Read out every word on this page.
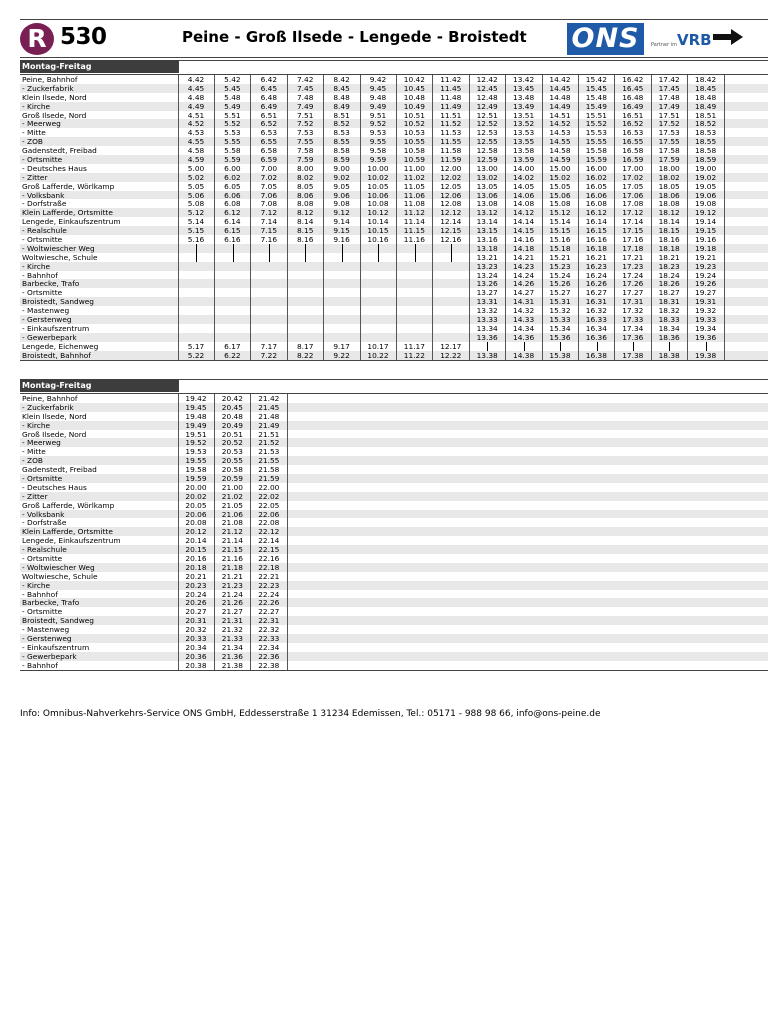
R 530	Peine - Groß Ilsede - Lengede - Broistedt ONS	Partner im VRB
Montag-Freitag
Peine, Bahnhof	4.42	5.42	6.42	7.42	8.42	9.42	10.42	11.42	12.42	13.42	14.42	15.42	16.42	17.42	18.42
- Zuckerfabrik	4.45	5.45	6.45	7.45	8.45	9.45	10.45	11.45	12.45	13.45	14.45	15.45	16.45	17.45	18.45
Klein Ilsede, Nord	4.48	5.48	6.48	7.48	8.48	9.48	10.48	11.48	12.48	13.48	14.48	15.48	16.48	17.48	18.48
- Kirche	4.49	5.49	6.49	7.49	8.49	9.49	10.49	11.49	12.49	13.49	14.49	15.49	16.49	17.49	18.49
Groß Ilsede, Nord	4.51	5.51	6.51	7.51	8.51	9.51	10.51	11.51	12.51	13.51	14.51	15.51	16.51	17.51	18.51
- Meerweg	4.52	5.52	6.52	7.52	8.52	9.52	10.52	11.52	12.52	13.52	14.52	15.52	16.52	17.52	18.52
- Mitte	4.53	5.53	6.53	7.53	8.53	9.53	10.53	11.53	12.53	13.53	14.53	15.53	16.53	17.53	18.53
- ZOB	4.55	5.55	6.55	7.55	8.55	9.55	10.55	11.55	12.55	13.55	14.55	15.55	16.55	17.55	18.55
Gadenstedt, Freibad	4.58	5.58	6.58	7.58	8.58	9.58	10.58	11.58	12.58	13.58	14.58	15.58	16.58	17.58	18.58
- Ortsmitte	4.59	5.59	6.59	7.59	8.59	9.59	10.59	11.59	12.59	13.59	14.59	15.59	16.59	17.59	18.59
- Deutsches Haus	5.00	6.00	7.00	8.00	9.00	10.00	11.00	12.00	13.00	14.00	15.00	16.00	17.00	18.00	19.00
- Zitter	5.02	6.02	7.02	8.02	9.02	10.02	11.02	12.02	13.02	14.02	15.02	16.02	17.02	18.02	19.02
Groß Lafferde, Wörlkamp	5.05	6.05	7.05	8.05	9.05	10.05	11.05	12.05	13.05	14.05	15.05	16.05	17.05	18.05	19.05
- Volksbank	5.06	6.06	7.06	8.06	9.06	10.06	11.06	12.06	13.06	14.06	15.06	16.06	17.06	18.06	19.06
- Dorfstraße	5.08	6.08	7.08	8.08	9.08	10.08	11.08	12.08	13.08	14.08	15.08	16.08	17.08	18.08	19.08
Klein Lafferde, Ortsmitte	5.12	6.12	7.12	8.12	9.12	10.12	11.12	12.12	13.12	14.12	15.12	16.12	17.12	18.12	19.12
Lengede, Einkaufszentrum	5.14	6.14	7.14	8.14	9.14	10.14	11.14	12.14	13.14	14.14	15.14	16.14	17.14	18.14	19.14
- Realschule	5.15	6.15	7.15	8.15	9.15	10.15	11.15	12.15	13.15	14.15	15.15	16.15	17.15	18.15	19.15
- Ortsmitte	5.16	6.16	7.16	8.16	9.16	10.16	11.16	12.16	13.16	14.16	15.16	16.16	17.16	18.16	19.16
- Woltwiescher Weg	13.18	14.18	15.18	16.18	17.18	18.18	19.18
Woltwiesche, Schule	13.21	14.21	15.21	16.21	17.21	18.21	19.21
- Kirche	13.23	14.23	15.23	16.23	17.23	18.23	19.23
- Bahnhof	13.24	14.24	15.24	16.24	17.24	18.24	19.24
Barbecke, Trafo	13.26	14.26	15.26	16.26	17.26	18.26	19.26
- Ortsmitte	13.27	14.27	15.27	16.27	17.27	18.27	19.27
Broistedt, Sandweg	13.31	14.31	15.31	16.31	17.31	18.31	19.31
- Mastenweg	13.32	14.32	15.32	16.32	17.32	18.32	19.32
- Gerstenweg	13.33	14.33	15.33	16.33	17.33	18.33	19.33
- Einkaufszentrum	13.34	14.34	15.34	16.34	17.34	18.34	19.34
- Gewerbepark	13.36	14.36	15.36	16.36	17.36	18.36	19.36
Lengede, Eichenweg	5.17	6.17	7.17	8.17	9.17	10.17	11.17	12.17
Broistedt, Bahnhof	5.22	6.22	7.22	8.22	9.22	10.22	11.22	12.22	13.38	14.38	15.38	16.38	17.38	18.38	19.38
Montag-Freitag
Peine, Bahnhof	19.42	20.42	21.42
- Zuckerfabrik	19.45	20.45	21.45
Klein Ilsede, Nord	19.48	20.48	21.48
- Kirche	19.49	20.49	21.49
Groß Ilsede, Nord	19.51	20.51	21.51
- Meerweg	19.52	20.52	21.52
- Mitte	19.53	20.53	21.53
- ZOB	19.55	20.55	21.55
Gadenstedt, Freibad	19.58	20.58	21.58
- Ortsmitte	19.59	20.59	21.59
- Deutsches Haus	20.00	21.00	22.00
- Zitter	20.02	21.02	22.02
Groß Lafferde, Wörlkamp	20.05	21.05	22.05
- Volksbank	20.06	21.06	22.06
- Dorfstraße	20.08	21.08	22.08
Klein Lafferde, Ortsmitte	20.12	21.12	22.12
Lengede, Einkaufszentrum	20.14	21.14	22.14
- Realschule	20.15	21.15	22.15
- Ortsmitte	20.16	21.16	22.16
- Woltwiescher Weg	20.18	21.18	22.18
Woltwiesche, Schule	20.21	21.21	22.21
- Kirche	20.23	21.23	22.23
- Bahnhof	20.24	21.24	22.24
Barbecke, Trafo	20.26	21.26	22.26
- Ortsmitte	20.27	21.27	22.27
Broistedt, Sandweg	20.31	21.31	22.31
- Mastenweg	20.32	21.32	22.32
- Gerstenweg	20.33	21.33	22.33
- Einkaufszentrum	20.34	21.34	22.34
- Gewerbepark	20.36	21.36	22.36
- Bahnhof	20.38	21.38	22.38
Info: Omnibus-Nahverkehrs-Service ONS GmbH, Eddesserstraße 1 31234 Edemissen, Tel.: 05171 - 988 98 66, info@ons-peine.de
